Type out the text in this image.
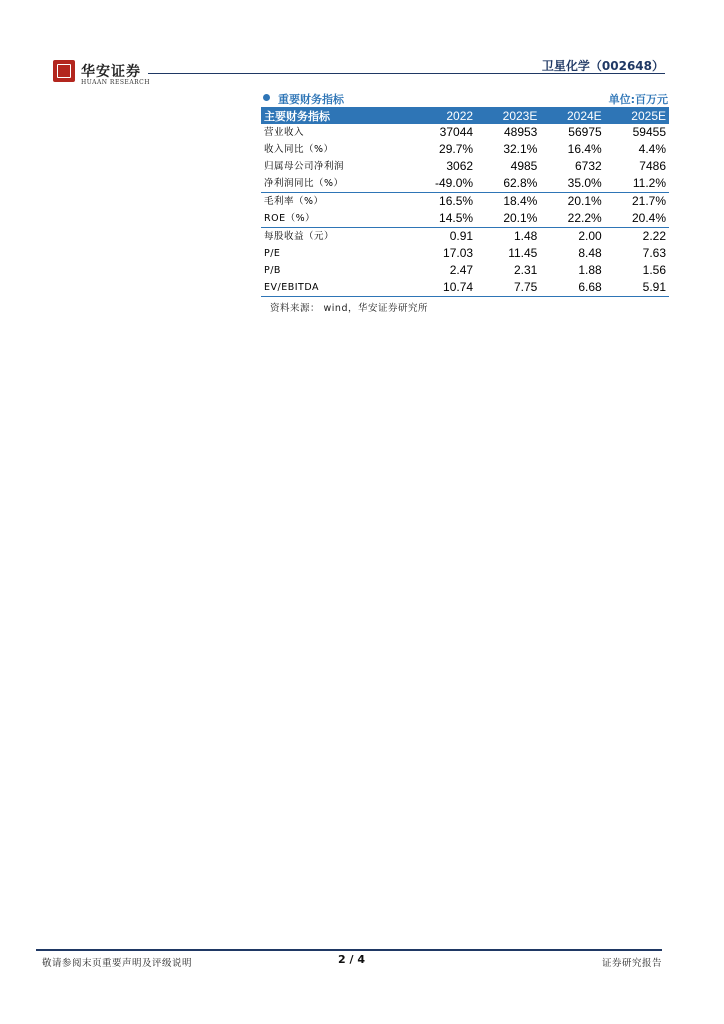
华安证券
HUAAN RESEARCH
卫星化学（002648）
重要财务指标	单位:百万元
主要财务指标	2022	2023E	2024E	2025E
营业收入	37044	48953	56975	59455
收入同比（%）	29.7%	32.1%	16.4%	4.4%
归属母公司净利润	3062	4985	6732	7486
净利润同比（%）	-49.0%	62.8%	35.0%	11.2%
毛利率（%）	16.5%	18.4%	20.1%	21.7%
ROE（%）	14.5%	20.1%	22.2%	20.4%
每股收益（元）	0.91	1.48	2.00	2.22
P/E	17.03	11.45	8.48	7.63
P/B	2.47	2.31	1.88	1.56
EV/EBITDA	10.74	7.75	6.68	5.91
资料来源： wind，华安证券研究所
敬请参阅末页重要声明及评级说明	2 / 4	证券研究报告
